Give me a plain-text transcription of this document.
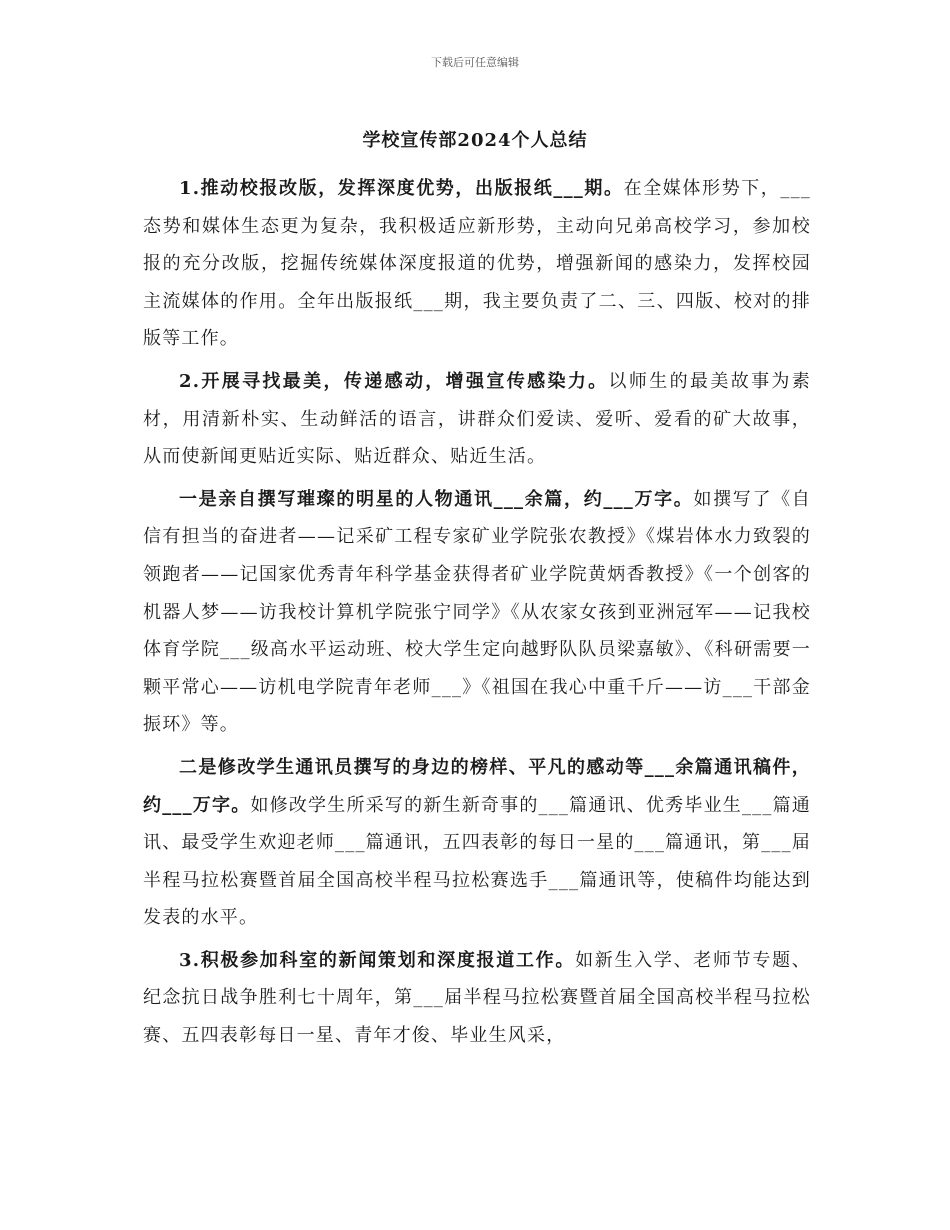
下载后可任意编辑
学校宣传部2024个人总结

1.推动校报改版，发挥深度优势，出版报纸___期。在全媒体形势下，___态势和媒体生态更为复杂，我积极适应新形势，主动向兄弟高校学习，参加校报的充分改版，挖掘传统媒体深度报道的优势，增强新闻的感染力，发挥校园主流媒体的作用。全年出版报纸___期，我主要负责了二、三、四版、校对的排版等工作。

2.开展寻找最美，传递感动，增强宣传感染力。以师生的最美故事为素材，用清新朴实、生动鲜活的语言，讲群众们爱读、爱听、爱看的矿大故事，从而使新闻更贴近实际、贴近群众、贴近生活。

一是亲自撰写璀璨的明星的人物通讯___余篇，约___万字。如撰写了《自信有担当的奋进者——记采矿工程专家矿业学院张农教授》《煤岩体水力致裂的领跑者——记国家优秀青年科学基金获得者矿业学院黄炳香教授》《一个创客的机器人梦——访我校计算机学院张宁同学》《从农家女孩到亚洲冠军——记我校体育学院___级高水平运动班、校大学生定向越野队队员梁嘉敏》、《科研需要一颗平常心——访机电学院青年老师___》《祖国在我心中重千斤——访___干部金振环》等。

二是修改学生通讯员撰写的身边的榜样、平凡的感动等___余篇通讯稿件，约___万字。如修改学生所采写的新生新奇事的___篇通讯、优秀毕业生___篇通讯、最受学生欢迎老师___篇通讯，五四表彰的每日一星的___篇通讯，第___届半程马拉松赛暨首届全国高校半程马拉松赛选手___篇通讯等，使稿件均能达到发表的水平。

3.积极参加科室的新闻策划和深度报道工作。如新生入学、老师节专题、纪念抗日战争胜利七十周年，第___届半程马拉松赛暨首届全国高校半程马拉松赛、五四表彰每日一星、青年才俊、毕业生风采，
